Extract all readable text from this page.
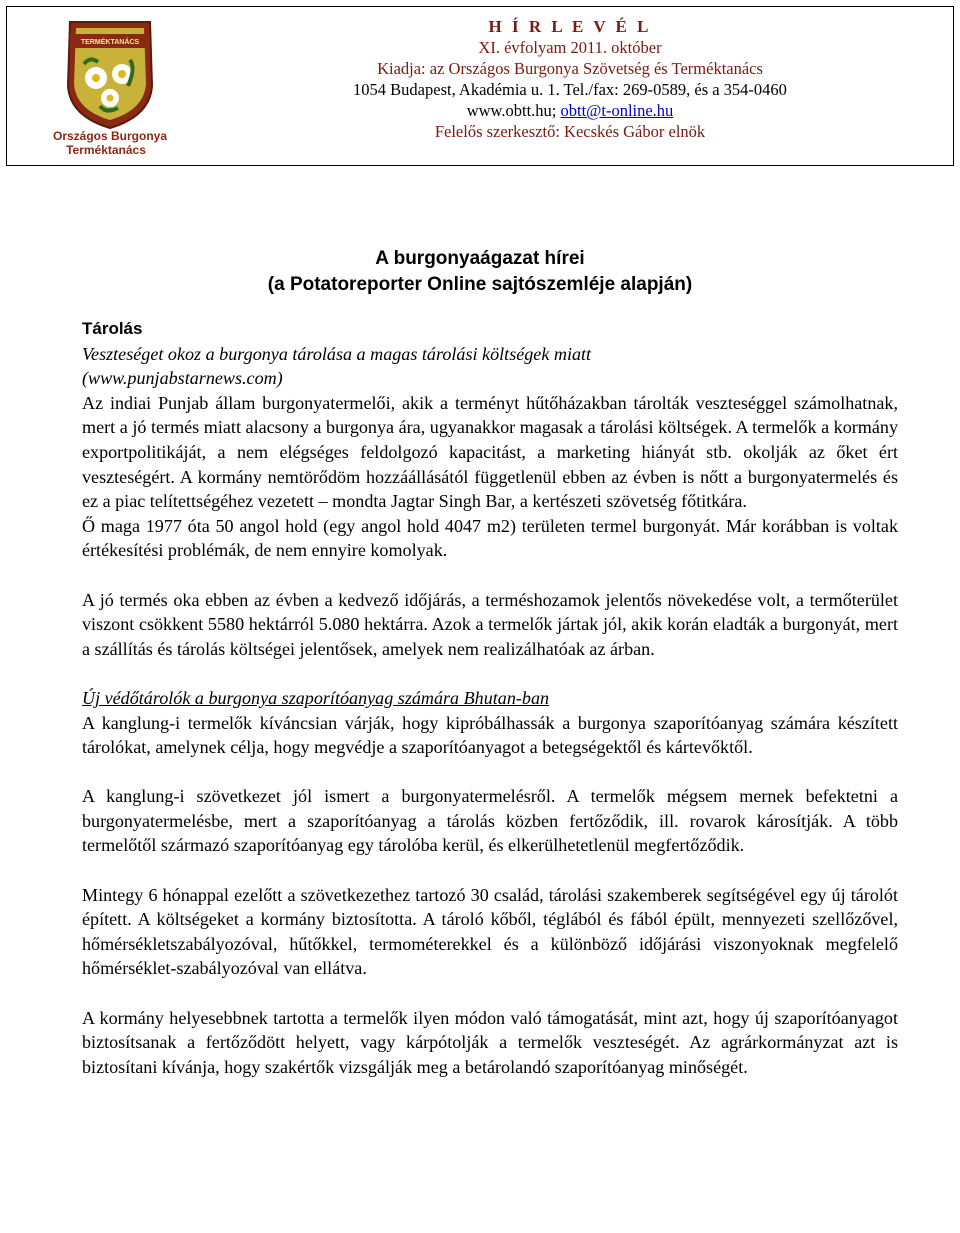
TERMÉKTANÁCS
Országos Burgonya
Terméktanács
H Í R L E V É L
XI. évfolyam 2011. október
Kiadja: az Országos Burgonya Szövetség és Terméktanács
1054 Budapest, Akadémia u. 1. Tel./fax: 269-0589, és a 354-0460
www.obtt.hu; obtt@t-online.hu
Felelős szerkesztő: Kecskés Gábor elnök
A burgonyaágazat hírei
(a Potatoreporter Online sajtószemléje alapján)

Tárolás

Veszteséget okoz a burgonya tárolása a magas tárolási költségek miatt

(www.punjabstarnews.com)

Az indiai Punjab állam burgonyatermelői, akik a terményt hűtőházakban tárolták veszteséggel számolhatnak, mert a jó termés miatt alacsony a burgonya ára, ugyanakkor magasak a tárolási költségek. A termelők a kormány exportpolitikáját, a nem elégséges feldolgozó kapacitást, a marketing hiányát stb. okolják az őket ért veszteségért. A kormány nemtörődöm hozzáállásától függetlenül ebben az évben is nőtt a burgonyatermelés és ez a piac telítettségéhez vezetett – mondta Jagtar Singh Bar, a kertészeti szövetség főtitkára.

Ő maga 1977 óta 50 angol hold (egy angol hold 4047 m2) területen termel burgonyát. Már korábban is voltak értékesítési problémák, de nem ennyire komolyak.

A jó termés oka ebben az évben a kedvező időjárás, a terméshozamok jelentős növekedése volt, a termőterület viszont csökkent 5580 hektárról 5.080 hektárra. Azok a termelők jártak jól, akik korán eladták a burgonyát, mert a szállítás és tárolás költségei jelentősek, amelyek nem realizálhatóak az árban.

Új védőtárolók a burgonya szaporítóanyag számára Bhutan-ban

A kanglung-i termelők kíváncsian várják, hogy kipróbálhassák a burgonya szaporítóanyag számára készített tárolókat, amelynek célja, hogy megvédje a szaporítóanyagot a betegségektől és kártevőktől.

A kanglung-i szövetkezet jól ismert a burgonyatermelésről. A termelők mégsem mernek befektetni a burgonyatermelésbe, mert a szaporítóanyag a tárolás közben fertőződik, ill. rovarok károsítják. A több termelőtől származó szaporítóanyag egy tárolóba kerül, és elkerülhetetlenül megfertőződik.

Mintegy 6 hónappal ezelőtt a szövetkezethez tartozó 30 család, tárolási szakemberek segítségével egy új tárolót épített. A költségeket a kormány biztosította. A tároló kőből, téglából és fából épült, mennyezeti szellőzővel, hőmérsékletszabályozóval, hűtőkkel, termométerekkel és a különböző időjárási viszonyoknak megfelelő hőmérséklet-szabályozóval van ellátva.

A kormány helyesebbnek tartotta a termelők ilyen módon való támogatását, mint azt, hogy új szaporítóanyagot biztosítsanak a fertőződött helyett, vagy kárpótolják a termelők veszteségét. Az agrárkormányzat azt is biztosítani kívánja, hogy szakértők vizsgálják meg a betárolandó szaporítóanyag minőségét.
